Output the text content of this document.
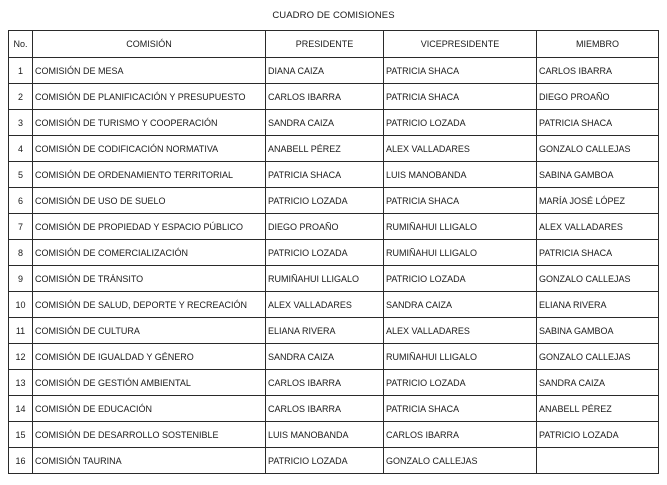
CUADRO DE COMISIONES
No.	COMISIÓN	PRESIDENTE	VICEPRESIDENTE	MIEMBRO
1	COMISIÓN DE MESA	DIANA CAIZA	PATRICIA SHACA	CARLOS IBARRA
2	COMISIÓN DE PLANIFICACIÓN Y PRESUPUESTO	CARLOS IBARRA	PATRICIA SHACA	DIEGO PROAÑO
3	COMISIÓN DE TURISMO Y COOPERACIÓN	SANDRA CAIZA	PATRICIO LOZADA	PATRICIA SHACA
4	COMISIÓN DE CODIFICACIÓN NORMATIVA	ANABELL PÉREZ	ALEX VALLADARES	GONZALO CALLEJAS
5	COMISIÓN DE ORDENAMIENTO TERRITORIAL	PATRICIA SHACA	LUIS MANOBANDA	SABINA GAMBOA
6	COMISIÓN DE USO DE SUELO	PATRICIO LOZADA	PATRICIA SHACA	MARÍA JOSÉ LÓPEZ
7	COMISIÓN DE PROPIEDAD Y ESPACIO PÚBLICO	DIEGO PROAÑO	RUMIÑAHUI LLIGALO	ALEX VALLADARES
8	COMISIÓN DE COMERCIALIZACIÓN	PATRICIO LOZADA	RUMIÑAHUI LLIGALO	PATRICIA SHACA
9	COMISIÓN DE TRÁNSITO	RUMIÑAHUI LLIGALO	PATRICIO LOZADA	GONZALO CALLEJAS
10	COMISIÓN DE SALUD, DEPORTE Y RECREACIÓN	ALEX VALLADARES	SANDRA CAIZA	ELIANA RIVERA
11	COMISIÓN DE CULTURA	ELIANA RIVERA	ALEX VALLADARES	SABINA GAMBOA
12	COMISIÓN DE IGUALDAD Y GÉNERO	SANDRA CAIZA	RUMIÑAHUI LLIGALO	GONZALO CALLEJAS
13	COMISIÓN DE GESTIÓN AMBIENTAL	CARLOS IBARRA	PATRICIO LOZADA	SANDRA CAIZA
14	COMISIÓN DE EDUCACIÓN	CARLOS IBARRA	PATRICIA SHACA	ANABELL PÉREZ
15	COMISIÓN DE DESARROLLO SOSTENIBLE	LUIS MANOBANDA	CARLOS IBARRA	PATRICIO LOZADA
16	COMISIÓN TAURINA	PATRICIO LOZADA	GONZALO CALLEJAS	
